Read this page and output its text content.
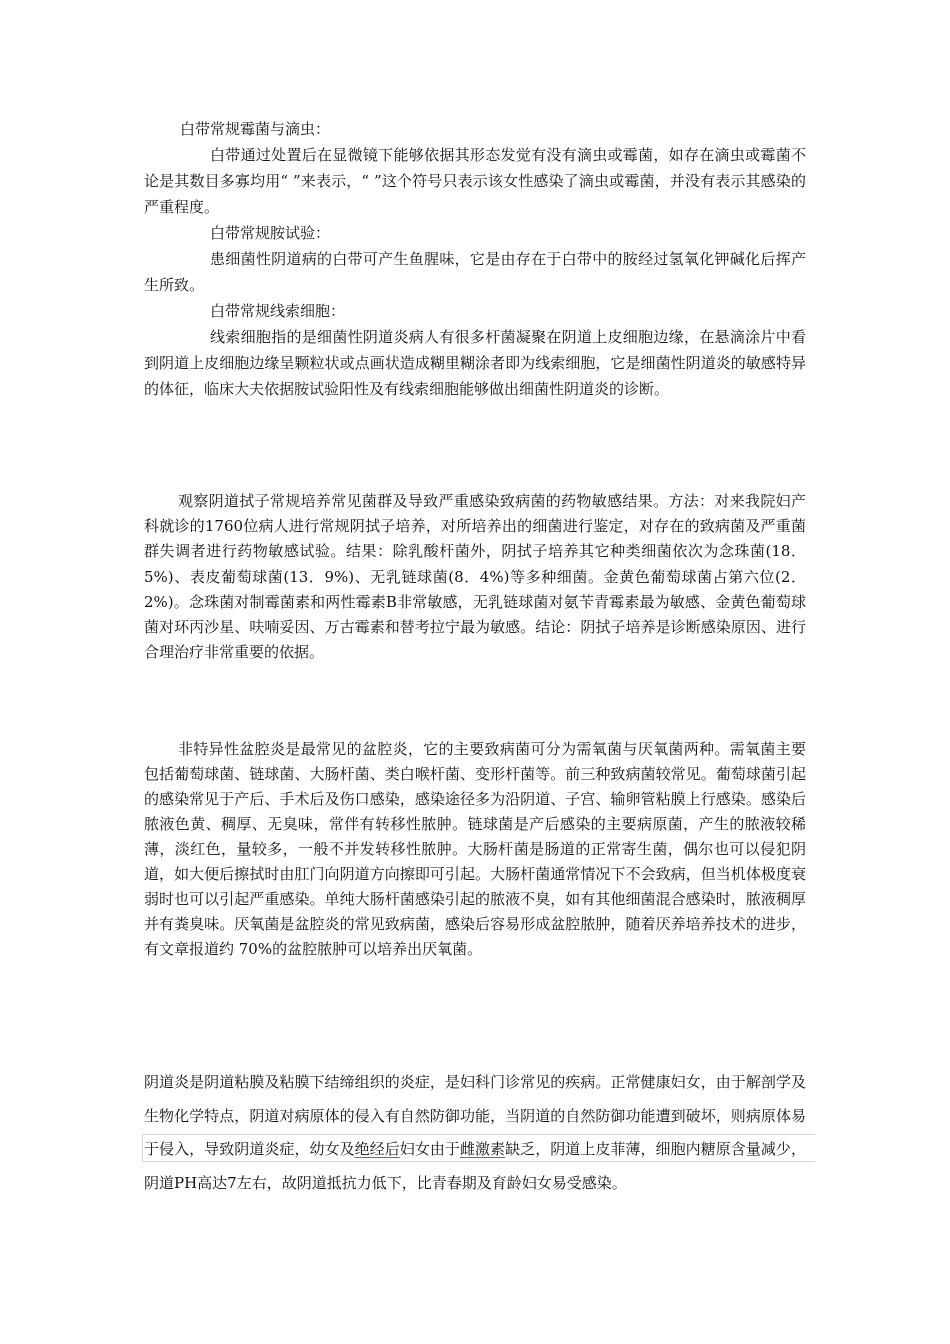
白带常规霉菌与滴虫：

白带通过处置后在显微镜下能够依据其形态发觉有没有滴虫或霉菌，如存在滴虫或霉菌不论是其数目多寡均用“ ”来表示，“ ”这个符号只表示该女性感染了滴虫或霉菌，并没有表示其感染的严重程度。

白带常规胺试验：

患细菌性阴道病的白带可产生鱼腥味，它是由存在于白带中的胺经过氢氧化钾碱化后挥产生所致。

白带常规线索细胞：

线索细胞指的是细菌性阴道炎病人有很多杆菌凝聚在阴道上皮细胞边缘，在悬滴涂片中看到阴道上皮细胞边缘呈颗粒状或点画状造成糊里糊涂者即为线索细胞，它是细菌性阴道炎的敏感特异的体征，临床大夫依据胺试验阳性及有线索细胞能够做出细菌性阴道炎的诊断。

观察阴道拭子常规培养常见菌群及导致严重感染致病菌的药物敏感结果。方法：对来我院妇产科就诊的1760位病人进行常规阴拭子培养，对所培养出的细菌进行鉴定，对存在的致病菌及严重菌群失调者进行药物敏感试验。结果：除乳酸杆菌外，阴拭子培养其它种类细菌依次为念珠菌(18．5%)、表皮葡萄球菌(13．9%)、无乳链球菌(8．4%)等多种细菌。金黄色葡萄球菌占第六位(2．2%)。念珠菌对制霉菌素和两性霉素B非常敏感，无乳链球菌对氨苄青霉素最为敏感、金黄色葡萄球菌对环丙沙星、呋喃妥因、万古霉素和替考拉宁最为敏感。结论：阴拭子培养是诊断感染原因、进行合理治疗非常重要的依据。

非特异性盆腔炎是最常见的盆腔炎，它的主要致病菌可分为需氧菌与厌氧菌两种。需氧菌主要包括葡萄球菌、链球菌、大肠杆菌、类白喉杆菌、变形杆菌等。前三种致病菌较常见。葡萄球菌引起的感染常见于产后、手术后及伤口感染，感染途径多为沿阴道、子宫、输卵管粘膜上行感染。感染后脓液色黄、稠厚、无臭味，常伴有转移性脓肿。链球菌是产后感染的主要病原菌，产生的脓液较稀薄，淡红色，量较多，一般不并发转移性脓肿。大肠杆菌是肠道的正常寄生菌，偶尔也可以侵犯阴道，如大便后擦拭时由肛门向阴道方向擦即可引起。大肠杆菌通常情况下不会致病，但当机体极度衰弱时也可以引起严重感染。单纯大肠杆菌感染引起的脓液不臭，如有其他细菌混合感染时，脓液稠厚并有粪臭味。厌氧菌是盆腔炎的常见致病菌，感染后容易形成盆腔脓肿，随着厌养培养技术的进步，有文章报道约 70%的盆腔脓肿可以培养出厌氧菌。

阴道炎是阴道粘膜及粘膜下结缔组织的炎症，是妇科门诊常见的疾病。正常健康妇女，由于解剖学及生物化学特点，阴道对病原体的侵入有自然防御功能，当阴道的自然防御功能遭到破坏，则病原体易于侵入，导致阴道炎症，幼女及绝经后妇女由于雌激素缺乏，阴道上皮菲薄，细胞内糖原含量减少，阴道PH高达7左右，故阴道抵抗力低下，比青春期及育龄妇女易受感染。
